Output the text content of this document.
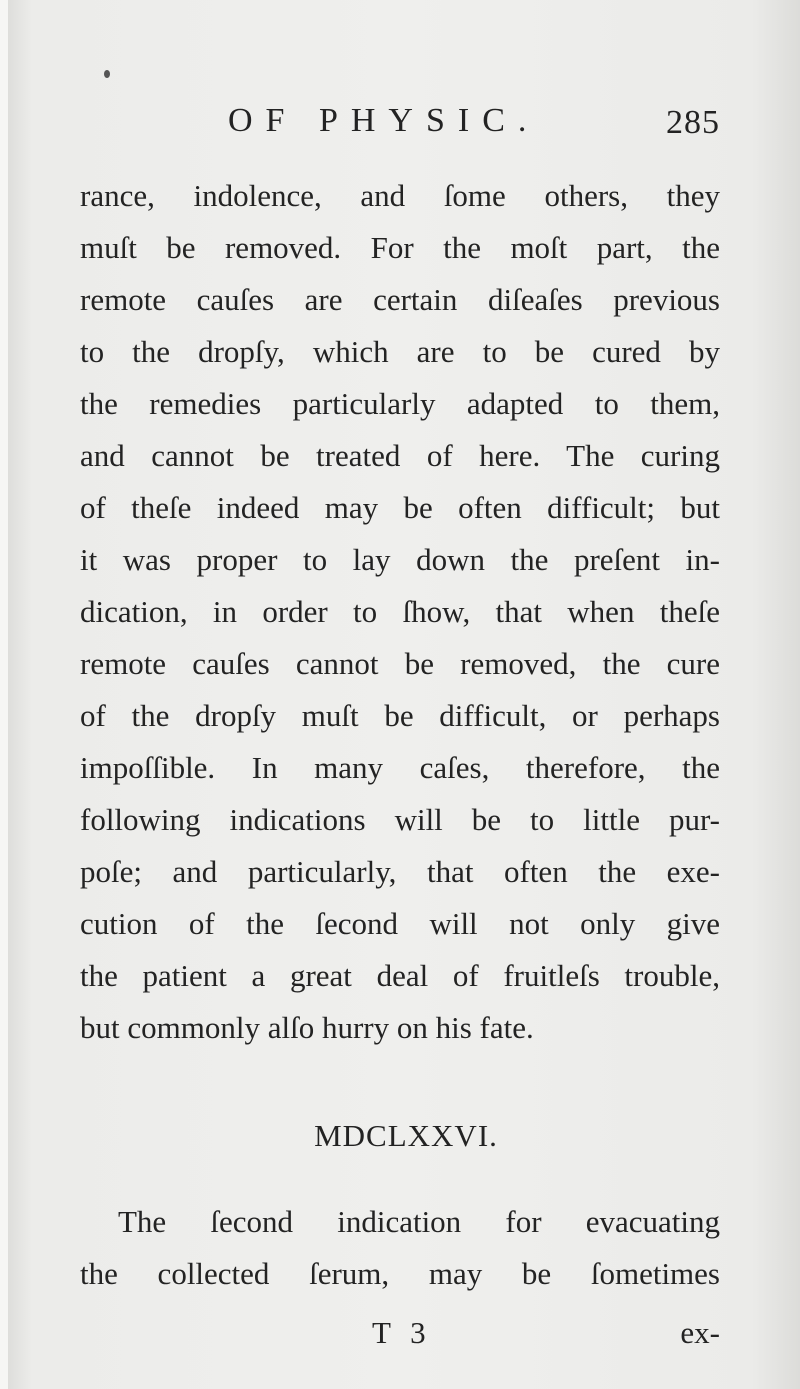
OF PHYSIC.	285
rance, indolence, and ſome others, they
muſt be removed. For the moſt part, the
remote cauſes are certain diſeaſes previous
to the dropſy, which are to be cured by
the remedies particularly adapted to them,
and cannot be treated of here. The curing
of theſe indeed may be often difficult; but
it was proper to lay down the preſent in-
dication, in order to ſhow, that when theſe
remote cauſes cannot be removed, the cure
of the dropſy muſt be difficult, or perhaps
impoſſible. In many caſes, therefore, the
following indications will be to little pur-
poſe; and particularly, that often the exe-
cution of the ſecond will not only give
the patient a great deal of fruitleſs trouble,
but commonly alſo hurry on his fate.
MDCLXXVI.
The ſecond indication for evacuating
the collected ſerum, may be ſometimes
T 3	ex-
